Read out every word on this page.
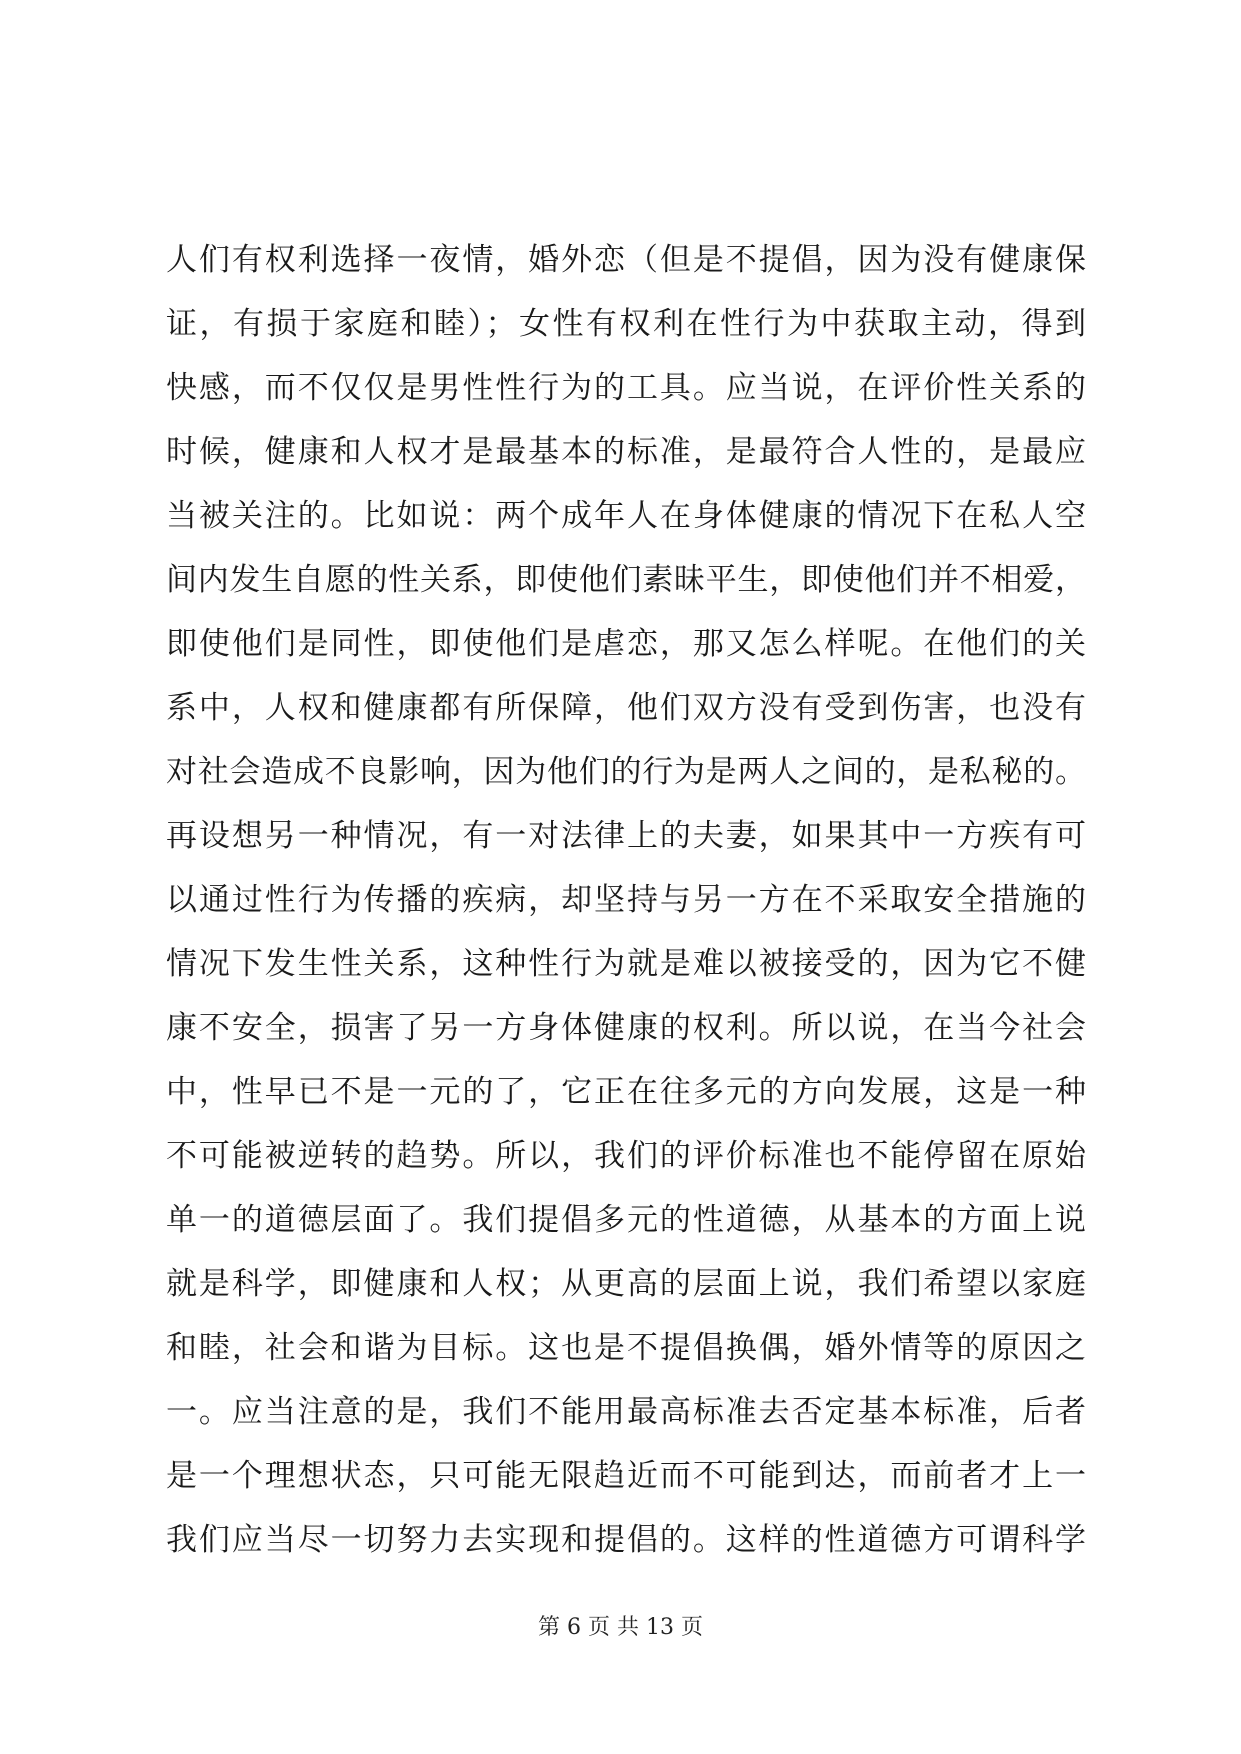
人们有权利选择一夜情，婚外恋（但是不提倡，因为没有健康保
证，有损于家庭和睦）；女性有权利在性行为中获取主动，得到
快感，而不仅仅是男性性行为的工具。应当说，在评价性关系的
时候，健康和人权才是最基本的标准，是最符合人性的，是最应
当被关注的。比如说：两个成年人在身体健康的情况下在私人空
间内发生自愿的性关系，即使他们素昧平生，即使他们并不相爱，
即使他们是同性，即使他们是虐恋，那又怎么样呢。在他们的关
系中，人权和健康都有所保障，他们双方没有受到伤害，也没有
对社会造成不良影响，因为他们的行为是两人之间的，是私秘的。
再设想另一种情况，有一对法律上的夫妻，如果其中一方疾有可
以通过性行为传播的疾病，却坚持与另一方在不采取安全措施的
情况下发生性关系，这种性行为就是难以被接受的，因为它不健
康不安全，损害了另一方身体健康的权利。所以说，在当今社会
中，性早已不是一元的了，它正在往多元的方向发展，这是一种
不可能被逆转的趋势。所以，我们的评价标准也不能停留在原始
单一的道德层面了。我们提倡多元的性道德，从基本的方面上说
就是科学，即健康和人权；从更高的层面上说，我们希望以家庭
和睦，社会和谐为目标。这也是不提倡换偶，婚外情等的原因之
一。应当注意的是，我们不能用最高标准去否定基本标准，后者
是一个理想状态，只可能无限趋近而不可能到达，而前者才上一
我们应当尽一切努力去实现和提倡的。这样的性道德方可谓科学
第 6 页 共 13 页
